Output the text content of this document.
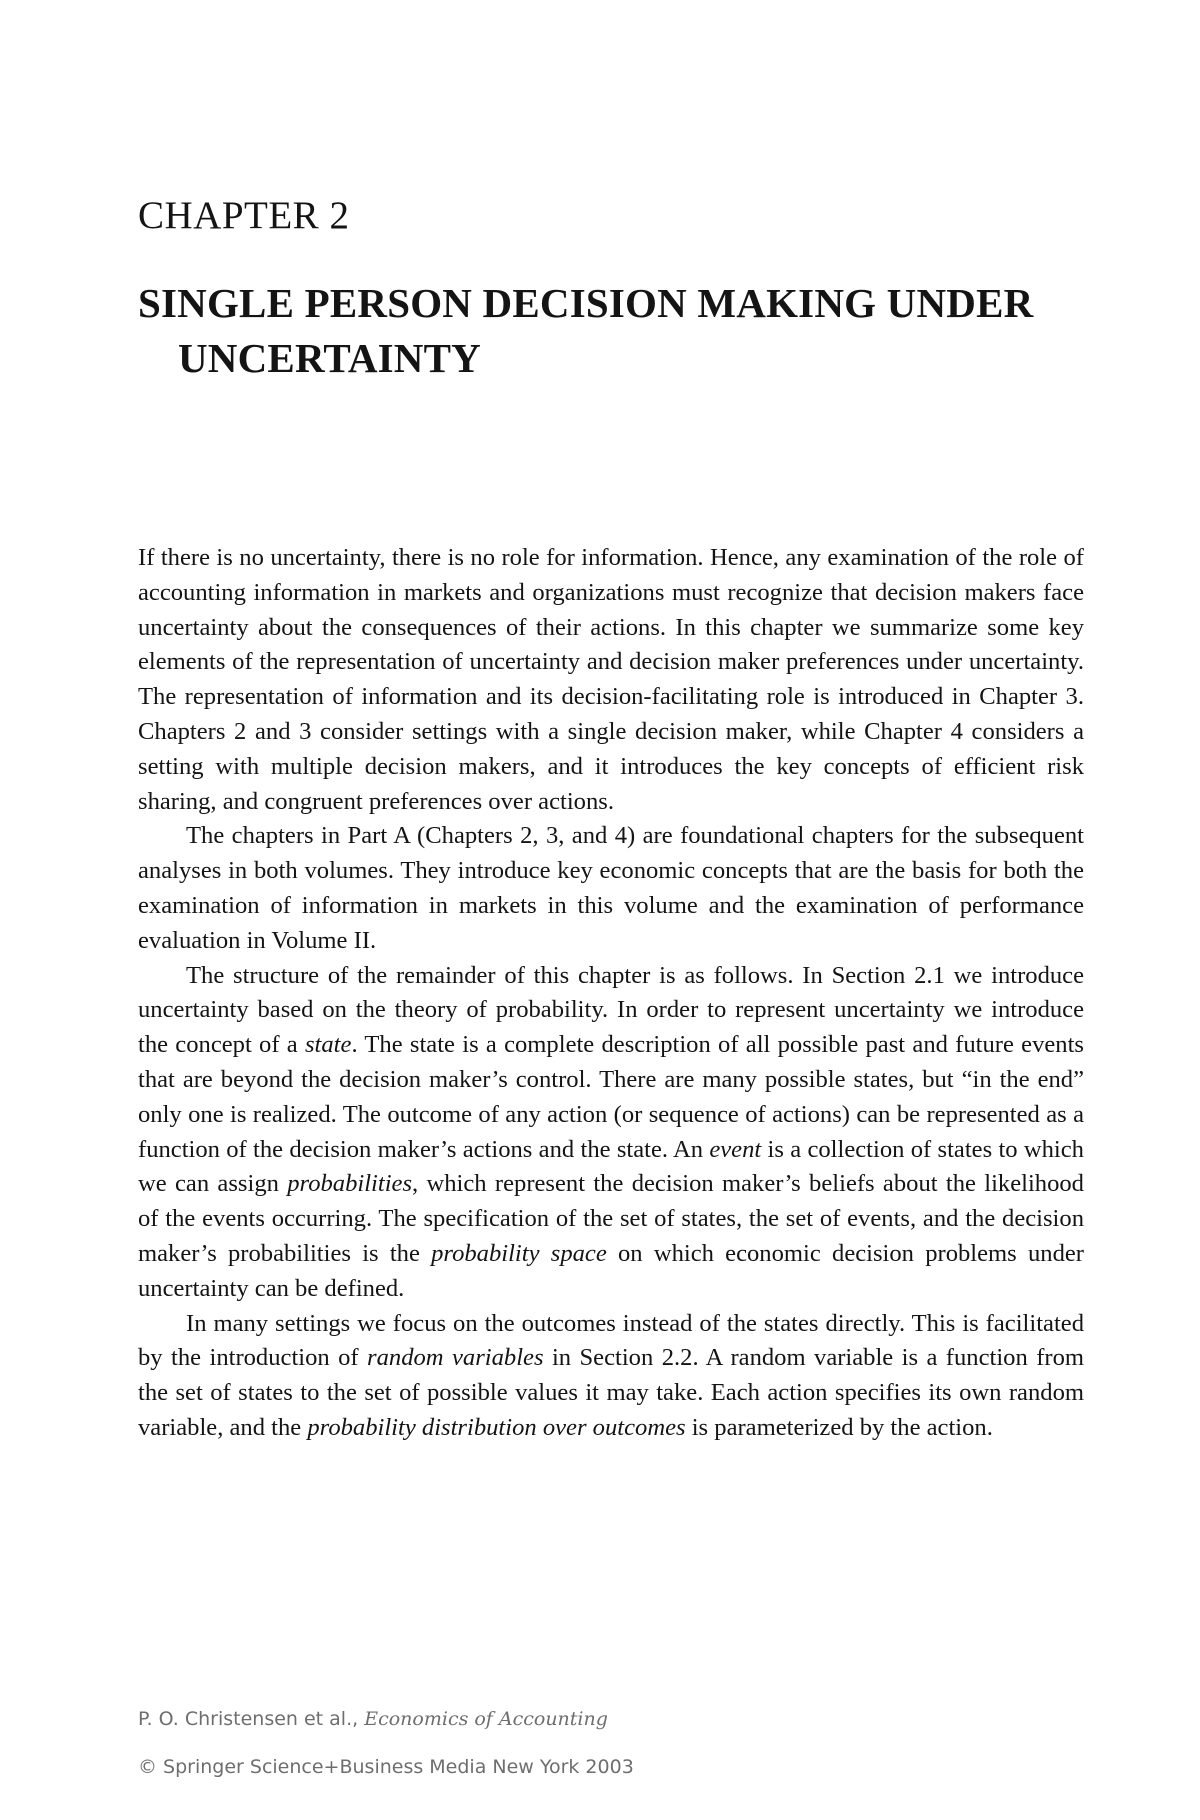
CHAPTER 2
SINGLE PERSON DECISION MAKING UNDER UNCERTAINTY

If there is no uncertainty, there is no role for information. Hence, any examination of the role of accounting information in markets and organizations must recognize that decision makers face uncertainty about the consequences of their actions. In this chapter we summarize some key elements of the representation of uncertainty and decision maker preferences under uncertainty. The representation of information and its decision-facilitating role is introduced in Chapter 3. Chapters 2 and 3 consider settings with a single decision maker, while Chapter 4 considers a setting with multiple decision makers, and it introduces the key concepts of efficient risk sharing, and congruent preferences over actions.

The chapters in Part A (Chapters 2, 3, and 4) are foundational chapters for the subsequent analyses in both volumes. They introduce key economic concepts that are the basis for both the examination of information in markets in this volume and the examination of performance evaluation in Volume II.

The structure of the remainder of this chapter is as follows. In Section 2.1 we introduce uncertainty based on the theory of probability. In order to represent uncertainty we introduce the concept of a state. The state is a complete description of all possible past and future events that are beyond the decision maker’s control. There are many possible states, but “in the end” only one is realized. The outcome of any action (or sequence of actions) can be represented as a function of the decision maker’s actions and the state. An event is a collection of states to which we can assign probabilities, which represent the decision maker’s beliefs about the likelihood of the events occurring. The specification of the set of states, the set of events, and the decision maker’s probabilities is the probability space on which economic decision problems under uncertainty can be defined.

In many settings we focus on the outcomes instead of the states directly. This is facilitated by the introduction of random variables in Section 2.2. A random variable is a function from the set of states to the set of possible values it may take. Each action specifies its own random variable, and the probability distribution over outcomes is parameterized by the action.

P. O. Christensen et al., Economics of Accounting

© Springer Science+Business Media New York 2003
